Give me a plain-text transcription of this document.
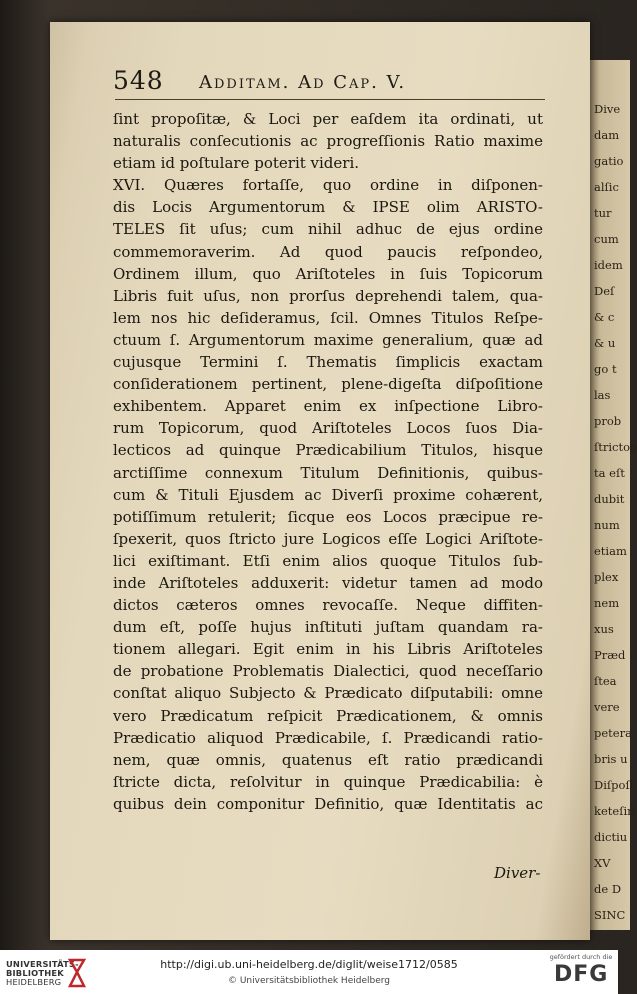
Dive
dam
gatio
alſic
tur
cum
idem
Deſ
& c
& u
go t
las
prob
ſtrictop
ta eſt
dubit
num
etiam
plex
nem
xus
Præd
ſtea
vere
petera
bris u
Diſpoſi
keteſin
dictiu
XV
de D
SINC
548 Additam. Ad Cap. V.
ſint propoſitæ, & Loci per eaſdem ita ordinati, ut
naturalis conſecutionis ac progreſſionis Ratio maxime
etiam id poſtulare poterit videri.
XVI. Quæres fortaſſe, quo ordine in diſponen-
dis Locis Argumentorum & IPSE olim ARISTO-
TELES ſit uſus; cum nihil adhuc de ejus ordine
commemoraverim. Ad quod paucis reſpondeo,
Ordinem illum, quo Ariſtoteles in ſuis Topicorum
Libris fuit uſus, non prorſus deprehendi talem, qua-
lem nos hic deſideramus, ſcil. Omnes Titulos Reſpe-
ctuum ſ. Argumentorum maxime generalium, quæ ad
cujusque Termini ſ. Thematis ſimplicis exactam
conſiderationem pertinent, plene-digeſta diſpoſitione
exhibentem. Apparet enim ex inſpectione Libro-
rum Topicorum, quod Ariſtoteles Locos ſuos Dia-
lecticos ad quinque Prædicabilium Titulos, hisque
arctiſſime connexum Titulum Definitionis, quibus-
cum & Tituli Ejusdem ac Diverſi proxime cohærent,
potiſſimum retulerit; ſicque eos Locos præcipue re-
ſpexerit, quos ſtricto jure Logicos eſſe Logici Ariſtote-
lici exiſtimant. Etſi enim alios quoque Titulos ſub-
inde Ariſtoteles adduxerit: videtur tamen ad modo
dictos cæteros omnes revocaſſe. Neque diffiten-
dum eſt, poſſe hujus inſtituti juſtam quandam ra-
tionem allegari. Egit enim in his Libris Ariſtoteles
de probatione Problematis Dialectici, quod neceſſario
conſtat aliquo Subjecto & Prædicato diſputabili: omne
vero Prædicatum reſpicit Prædicationem, & omnis
Prædicatio aliquod Prædicabile, ſ. Prædicandi ratio-
nem, quæ omnis, quatenus eſt ratio prædicandi
ſtricte dicta, reſolvitur in quinque Prædicabilia: è
quibus dein componitur Definitio, quæ Identitatis ac
Diver-
UNIVERSITÄTS-
BIBLIOTHEK
HEIDELBERG
http://digi.ub.uni-heidelberg.de/diglit/weise1712/0585
© Universitätsbibliothek Heidelberg
gefördert durch die
DFG
